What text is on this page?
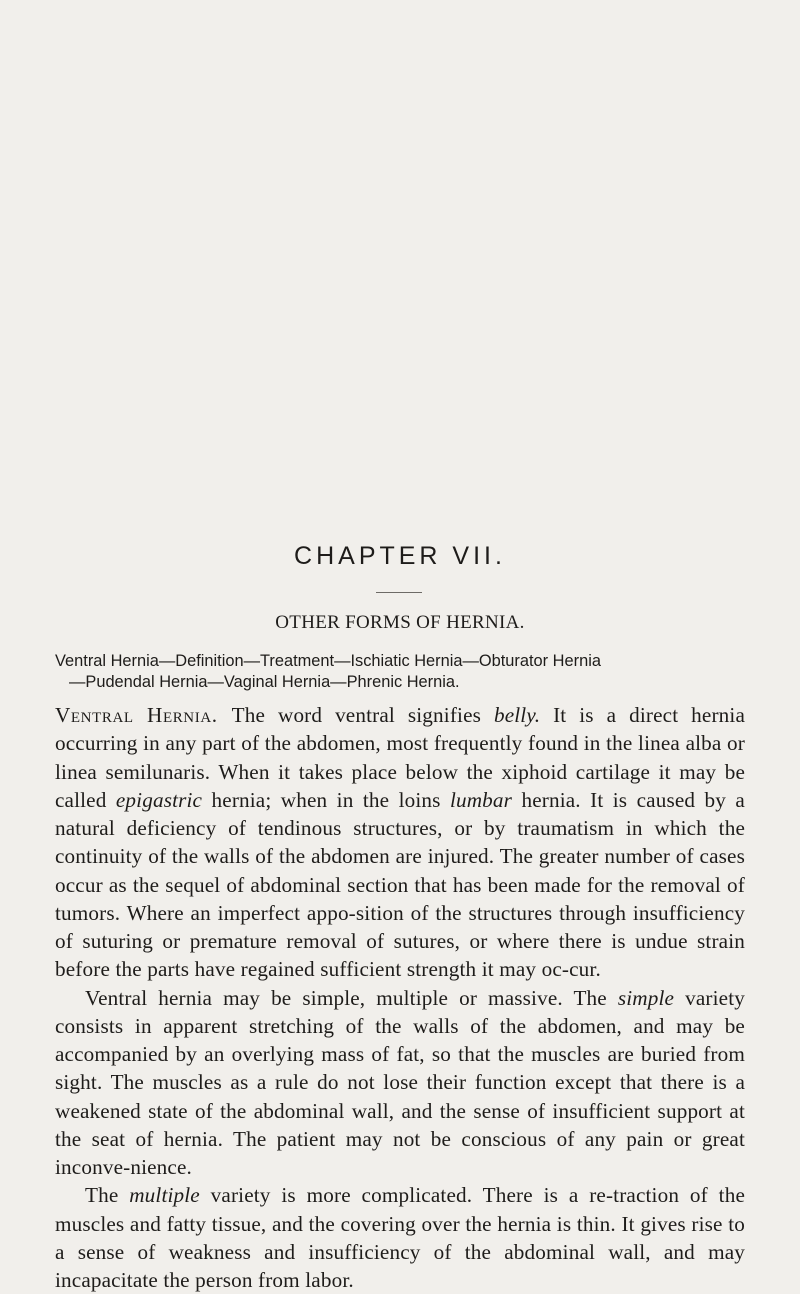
CHAPTER VII.
OTHER FORMS OF HERNIA.

Ventral Hernia—Definition—Treatment—Ischiatic Hernia—Obturator Hernia
—Pudendal Hernia—Vaginal Hernia—Phrenic Hernia.

Ventral Hernia. The word ventral signifies belly. It is a direct hernia occurring in any part of the abdomen, most frequently found in the linea alba or linea semilunaris. When it takes place below the xiphoid cartilage it may be called epigastric hernia; when in the loins lumbar hernia. It is caused by a natural deficiency of tendinous structures, or by traumatism in which the continuity of the walls of the abdomen are injured. The greater number of cases occur as the sequel of abdominal section that has been made for the removal of tumors. Where an imperfect appo-sition of the structures through insufficiency of suturing or premature removal of sutures, or where there is undue strain before the parts have regained sufficient strength it may oc-cur.

Ventral hernia may be simple, multiple or massive. The simple variety consists in apparent stretching of the walls of the abdomen, and may be accompanied by an overlying mass of fat, so that the muscles are buried from sight. The muscles as a rule do not lose their function except that there is a weakened state of the abdominal wall, and the sense of insufficient support at the seat of hernia. The patient may not be conscious of any pain or great inconve-nience.

The multiple variety is more complicated. There is a re-traction of the muscles and fatty tissue, and the covering over the hernia is thin. It gives rise to a sense of weakness and insufficiency of the abdominal wall, and may incapacitate the person from labor.
